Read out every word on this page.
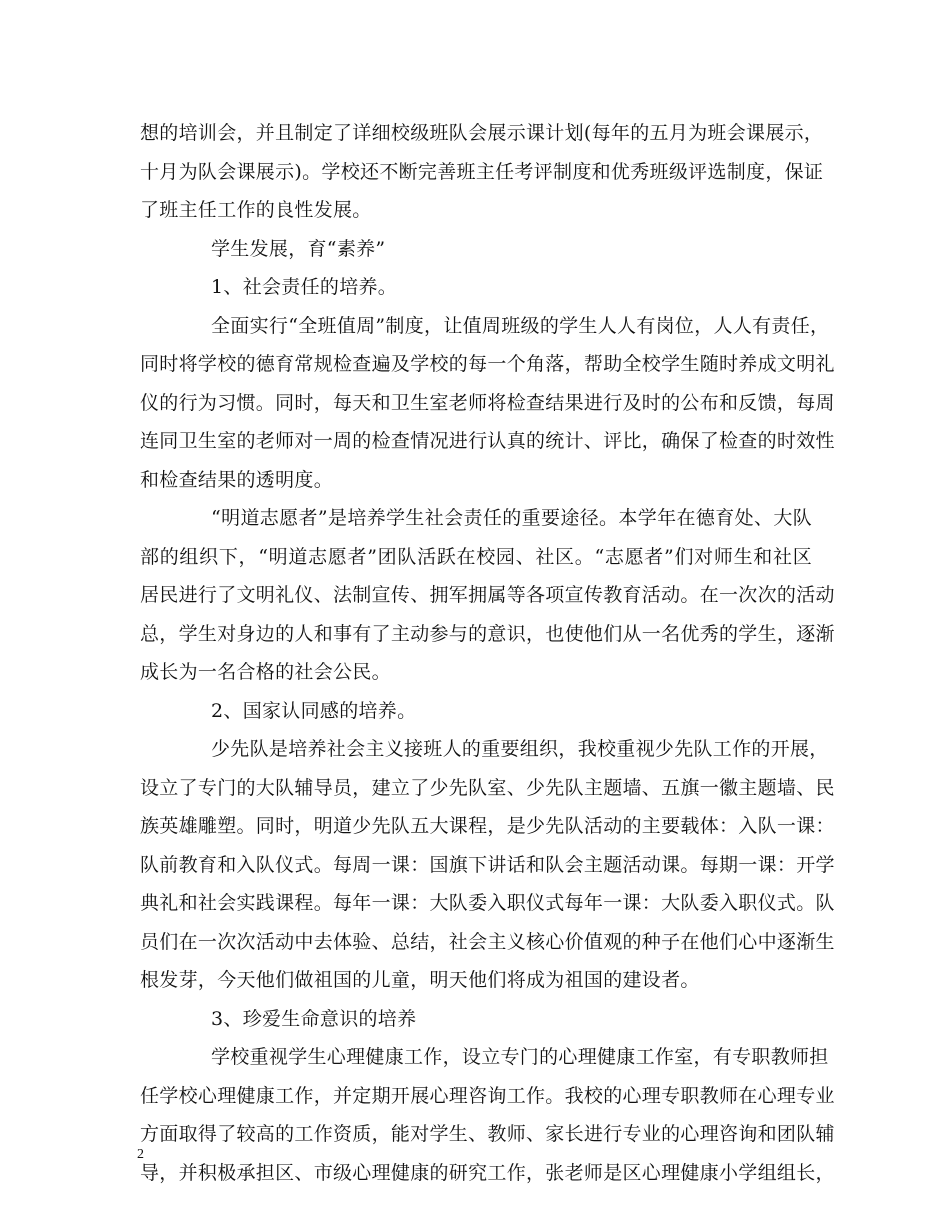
想的培训会，并且制定了详细校级班队会展示课计划(每年的五月为班会课展示，
十月为队会课展示)。学校还不断完善班主任考评制度和优秀班级评选制度，保证
了班主任工作的良性发展。
学生发展，育“素养”
1、社会责任的培养。
全面实行“全班值周”制度，让值周班级的学生人人有岗位，人人有责任，
同时将学校的德育常规检查遍及学校的每一个角落，帮助全校学生随时养成文明礼
仪的行为习惯。同时，每天和卫生室老师将检查结果进行及时的公布和反馈，每周
连同卫生室的老师对一周的检查情况进行认真的统计、评比，确保了检查的时效性
和检查结果的透明度。
“明道志愿者”是培养学生社会责任的重要途径。本学年在德育处、大队
部的组织下，“明道志愿者”团队活跃在校园、社区。“志愿者”们对师生和社区
居民进行了文明礼仪、法制宣传、拥军拥属等各项宣传教育活动。在一次次的活动
总，学生对身边的人和事有了主动参与的意识，也使他们从一名优秀的学生，逐渐
成长为一名合格的社会公民。
2、国家认同感的培养。
少先队是培养社会主义接班人的重要组织，我校重视少先队工作的开展，
设立了专门的大队辅导员，建立了少先队室、少先队主题墙、五旗一徽主题墙、民
族英雄雕塑。同时，明道少先队五大课程，是少先队活动的主要载体：入队一课：
队前教育和入队仪式。每周一课：国旗下讲话和队会主题活动课。每期一课：开学
典礼和社会实践课程。每年一课：大队委入职仪式每年一课：大队委入职仪式。队
员们在一次次活动中去体验、总结，社会主义核心价值观的种子在他们心中逐渐生
根发芽，今天他们做祖国的儿童，明天他们将成为祖国的建设者。
3、珍爱生命意识的培养
学校重视学生心理健康工作，设立专门的心理健康工作室，有专职教师担
任学校心理健康工作，并定期开展心理咨询工作。我校的心理专职教师在心理专业
方面取得了较高的工作资质，能对学生、教师、家长进行专业的心理咨询和团队辅
导，并积极承担区、市级心理健康的研究工作，张老师是区心理健康小学组组长，
2
